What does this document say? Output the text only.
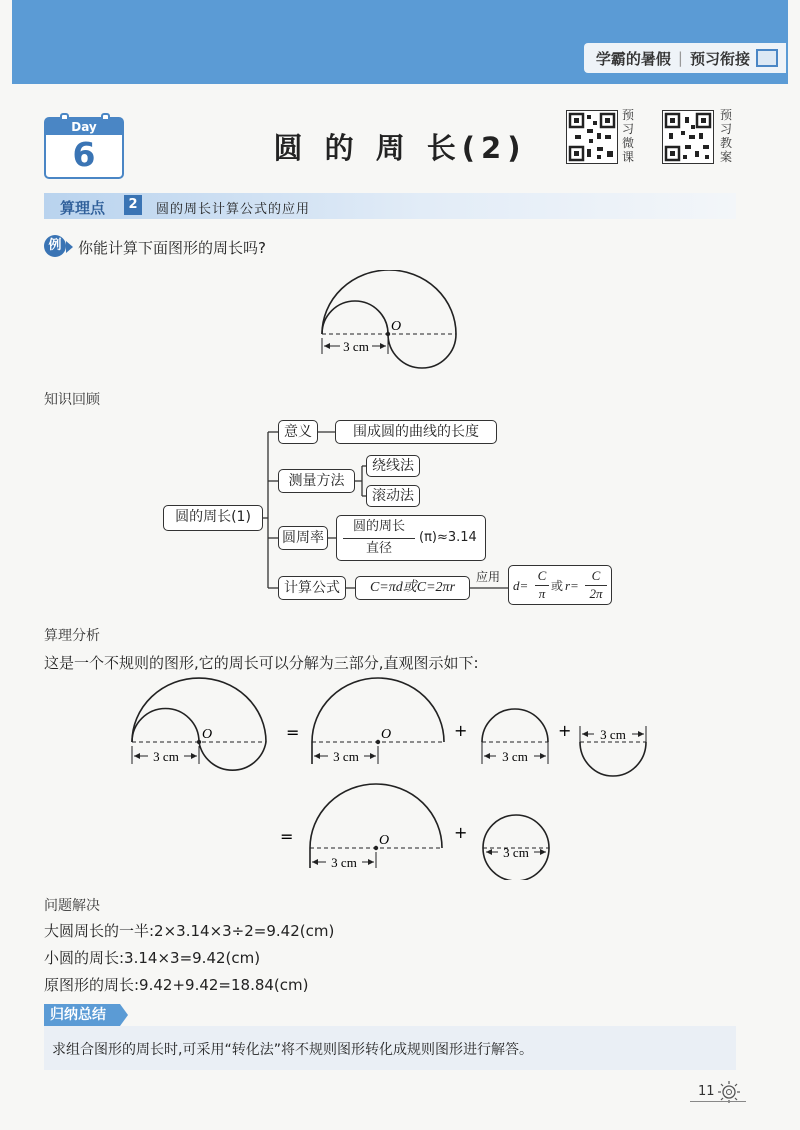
学霸的暑假 | 预习衔接
Day
6	圆 的 周 长(2)
预习微课
预习教案
算理点	2	圆的周长计算公式的应用
例	你能计算下面图形的周长吗?
3 cm
O
知识回顾
圆的周长(1)
意义	围成圆的曲线的长度
测量方法
绕线法
滚动法
圆周率
圆的周长
直径
(π)≈3.14
计算公式	C=πd或C=2πr
应用
d=
C
π 或 r=
C
2π
算理分析
这是一个不规则的图形,它的周长可以分解为三部分,直观图示如下:
O
3 cm
=	O
3 cm
+
3 cm
+ 3 cm
=	O
3 cm
+
3 cm
问题解决
大圆周长的一半:2×3.14×3÷2=9.42(cm)
小圆的周长:3.14×3=9.42(cm)
原图形的周长:9.42+9.42=18.84(cm)
归纳总结
求组合图形的周长时,可采用“转化法”将不规则图形转化成规则图形进行解答。
11
